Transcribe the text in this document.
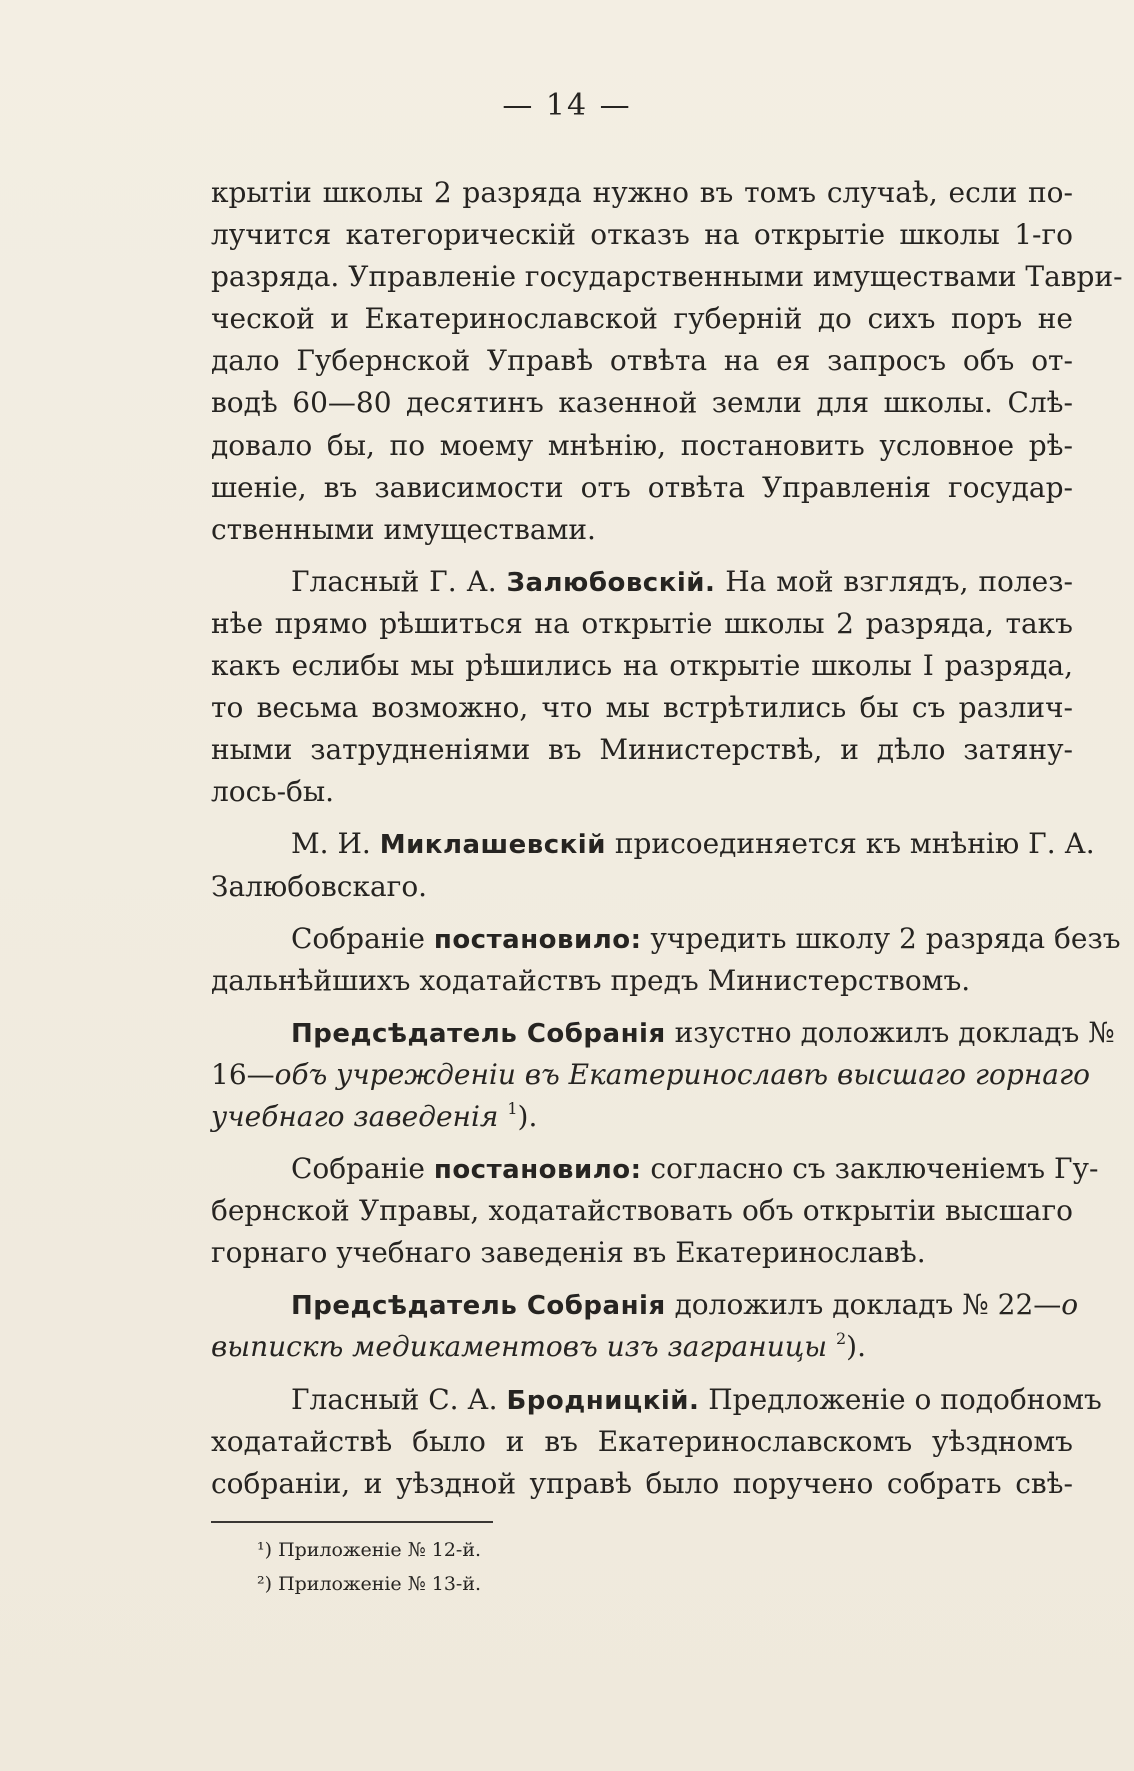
— 14 —
крытіи школы 2 разряда нужно въ томъ случаѣ, если по-
лучится категорическій отказъ на открытіе школы 1-го
разряда. Управленіе государственными имуществами Таври-
ческой и Екатеринославской губерній до сихъ поръ не
дало Губернской Управѣ отвѣта на ея запросъ объ от-
водѣ 60—80 десятинъ казенной земли для школы. Слѣ-
довало бы, по моему мнѣнію, постановить условное рѣ-
шеніе, въ зависимости отъ отвѣта Управленія государ-
ственными имуществами.
Гласный Г. А. Залюбовскій. На мой взглядъ, полез-
нѣе прямо рѣшиться на открытіе школы 2 разряда, такъ
какъ еслибы мы рѣшились на открытіе школы I разряда,
то весьма возможно, что мы встрѣтились бы съ различ-
ными затрудненіями въ Министерствѣ, и дѣло затяну-
лось-бы.
М. И. Миклашевскій присоединяется къ мнѣнію Г. А.
Залюбовскаго.
Собраніе постановило: учредить школу 2 разряда безъ
дальнѣйшихъ ходатайствъ предъ Министерствомъ.
Предсѣдатель Собранія изустно доложилъ докладъ №
16—объ учрежденіи въ Екатеринославѣ высшаго горнаго
учебнаго заведенія $^1$).
Собраніе постановило: согласно съ заключеніемъ Гу-
бернской Управы, ходатайствовать объ открытіи высшаго
горнаго учебнаго заведенія въ Екатеринославѣ.
Предсѣдатель Собранія доложилъ докладъ № 22—о
выпискѣ медикаментовъ изъ заграницы $^2$).
Гласный С. А. Бродницкій. Предложеніе о подобномъ
ходатайствѣ было и въ Екатеринославскомъ уѣздномъ
собраніи, и уѣздной управѣ было поручено собрать свѣ-
¹) Приложеніе № 12-й.
²) Приложеніе № 13-й.
